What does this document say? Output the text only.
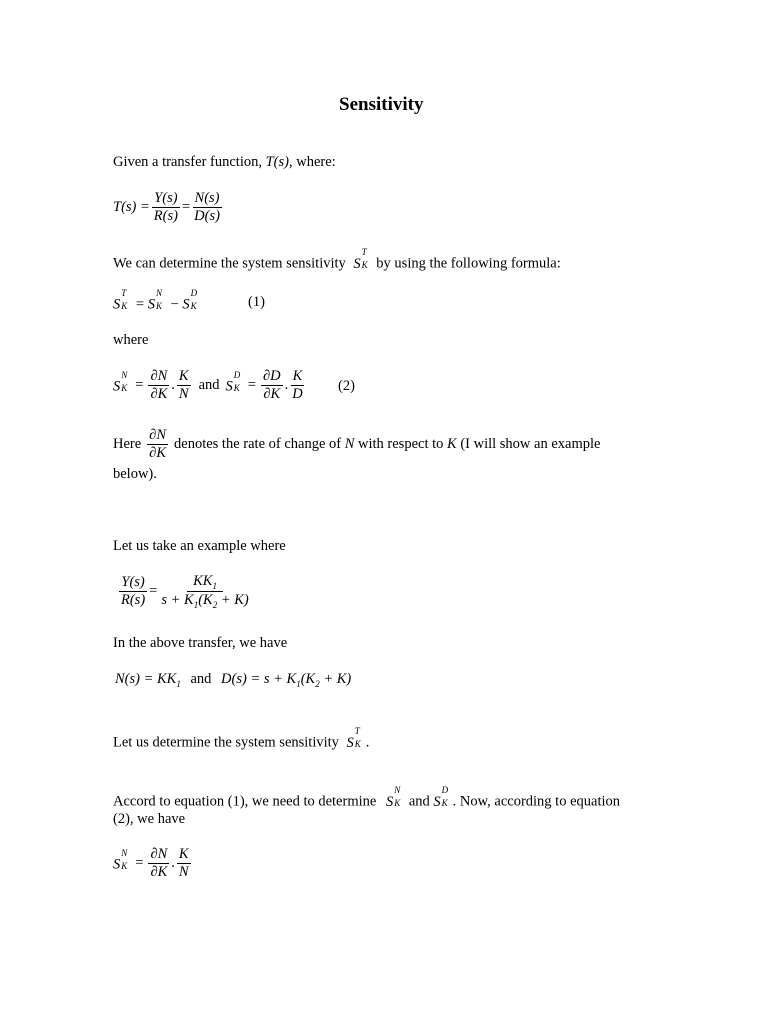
Sensitivity
Given a transfer function, T(s), where:
$T(s) = \frac{Y(s)}{R(s)} = \frac{N(s)}{D(s)}$
We can determine the system sensitivity S
T
K by using the following formula:
S
T
K = S
N
K − S
D
K	(1)
where
S
N
$K = \frac{\partial N}{\partial K}$ . $\frac{K}{N}$ and S
D
$K = \frac{\partial D}{\partial K}$ . $\frac{K}{D} (2)$
Here $\frac{\partial N}{\partial K}$ denotes the rate of change of N with respect to K (I will show an example
below).
Let us take an example where
$\frac{Y(s)}{R(s)} = \frac{KK_1}{s + K_1(K_2 + K)}$
In the above transfer, we have
$N(s) = KK_1$ and $D(s) = s + K_1(K_2 + K)$
Let us determine the system sensitivity S
T
K .
Accord to equation (1), we need to determine S
N
K and S
D
K . Now, according to equation
(2), we have
S
N
$K = \frac{\partial N}{\partial K}$ . $\frac{K}{N}$
